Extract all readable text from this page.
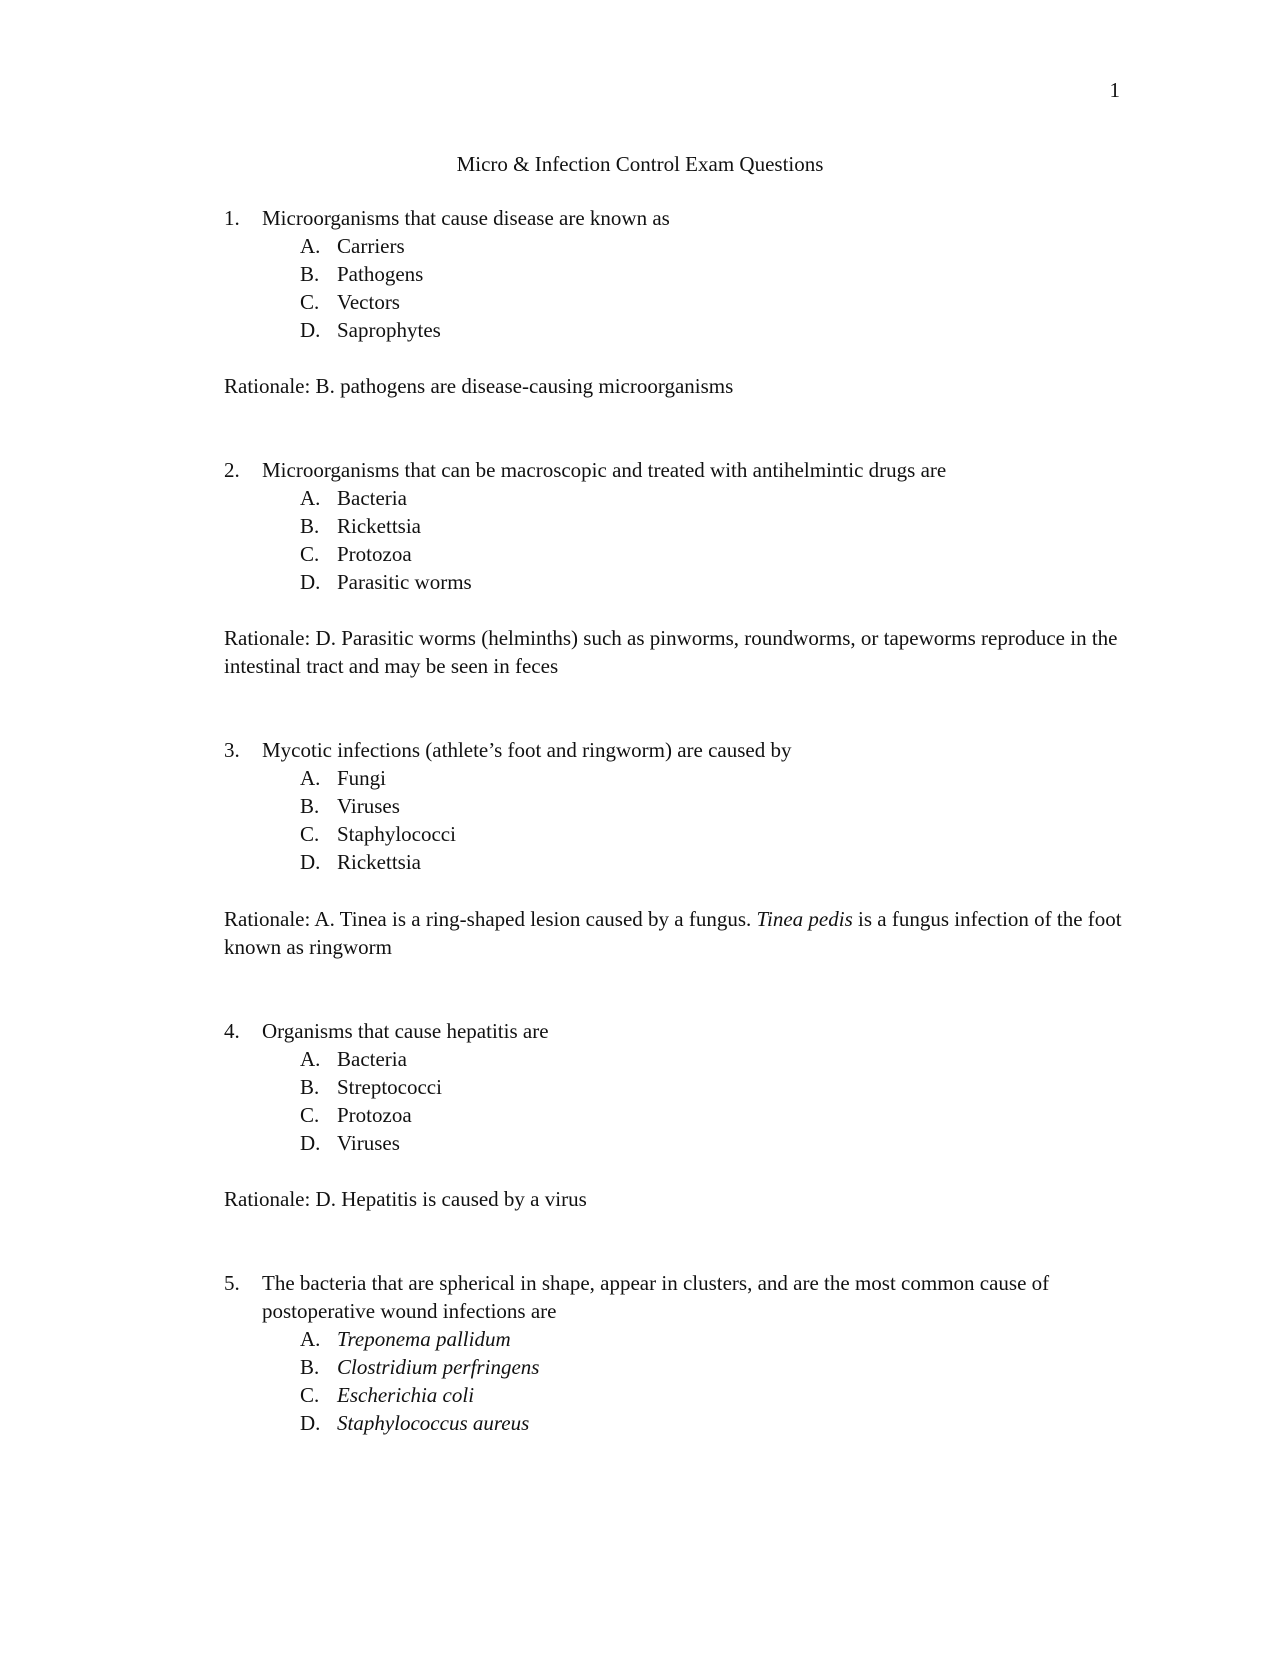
1
Micro & Infection Control Exam Questions
1. Microorganisms that cause disease are known as
A. Carriers
B. Pathogens
C. Vectors
D. Saprophytes
Rationale: B. pathogens are disease-causing microorganisms
2. Microorganisms that can be macroscopic and treated with antihelmintic drugs are
A. Bacteria
B. Rickettsia
C. Protozoa
D. Parasitic worms
Rationale: D. Parasitic worms (helminths) such as pinworms, roundworms, or tapeworms reproduce in the intestinal tract and may be seen in feces
3. Mycotic infections (athlete’s foot and ringworm) are caused by
A. Fungi
B. Viruses
C. Staphylococci
D. Rickettsia
Rationale: A. Tinea is a ring-shaped lesion caused by a fungus. Tinea pedis is a fungus infection of the foot known as ringworm
4. Organisms that cause hepatitis are
A. Bacteria
B. Streptococci
C. Protozoa
D. Viruses
Rationale: D. Hepatitis is caused by a virus
5. The bacteria that are spherical in shape, appear in clusters, and are the most common cause of postoperative wound infections are
A. Treponema pallidum
B. Clostridium perfringens
C. Escherichia coli
D. Staphylococcus aureus
